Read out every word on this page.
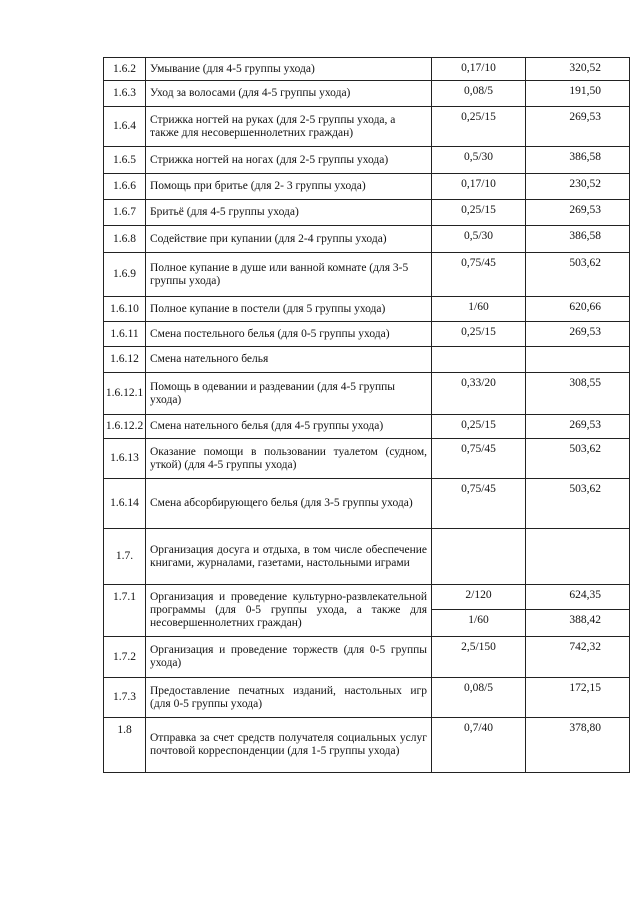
1.6.2	Умывание (для 4-5 группы ухода)	0,17/10	320,52
1.6.3	Уход за волосами (для 4-5 группы ухода)	0,08/5	191,50
1.6.4	Стрижка ногтей на руках (для 2-5 группы ухода, а также для несовершеннолетних граждан)	0,25/15	269,53
1.6.5	Стрижка ногтей на ногах (для 2-5 группы ухода)	0,5/30	386,58
1.6.6	Помощь при бритье (для 2- 3 группы ухода)	0,17/10	230,52
1.6.7	Бритьё (для 4-5 группы ухода)	0,25/15	269,53
1.6.8	Содействие при купании (для 2-4 группы ухода)	0,5/30	386,58
1.6.9	Полное купание в душе или ванной комнате (для 3-5 группы ухода)	0,75/45	503,62
1.6.10	Полное купание в постели (для 5 группы ухода)	1/60	620,66
1.6.11	Смена постельного белья (для 0-5 группы ухода)	0,25/15	269,53
1.6.12	Смена нательного белья		
1.6.12.1	Помощь в одевании и раздевании (для 4-5 группы ухода)	0,33/20	308,55
1.6.12.2	Смена нательного белья (для 4-5 группы ухода)	0,25/15	269,53
1.6.13	Оказание помощи в пользовании туалетом (судном, уткой) (для 4-5 группы ухода)	0,75/45	503,62
1.6.14	Смена абсорбирующего белья (для 3-5 группы ухода)	0,75/45	503,62
1.7.	Организация досуга и отдыха, в том числе обеспечение книгами, журналами, газетами, настольными играми		
1.7.1	Организация и проведение культурно-развлекательной программы (для 0-5 группы ухода, а также для несовершеннолетних граждан)	2/120	624,35
		1/60	388,42
1.7.2	Организация и проведение торжеств (для 0-5 группы ухода)	2,5/150	742,32
1.7.3	Предоставление печатных изданий, настольных игр (для 0-5 группы ухода)	0,08/5	172,15
1.8	Отправка за счет средств получателя социальных услуг почтовой корреспонденции (для 1-5 группы ухода)	0,7/40	378,80
